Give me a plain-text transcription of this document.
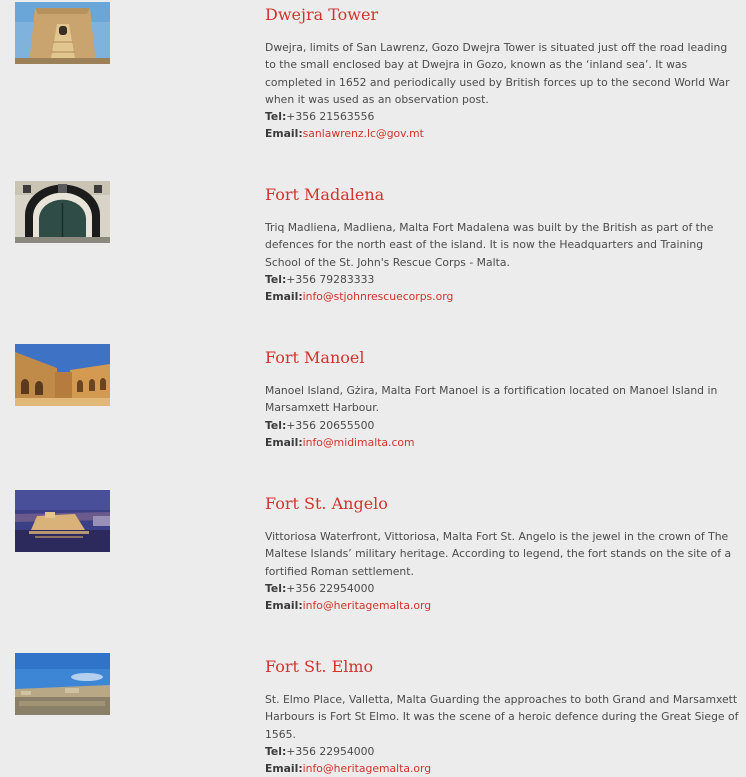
Dwejra Tower

Dwejra, limits of San Lawrenz, Gozo Dwejra Tower is situated just off the road leading to the small enclosed bay at Dwejra in Gozo, known as the ‘inland sea’. It was completed in 1652 and periodically used by British forces up to the second World War when it was used as an observation post.

Tel:+356 21563556
Email:sanlawrenz.lc@gov.mt
Fort Madalena

Triq Madliena, Madliena, Malta Fort Madalena was built by the British as part of the defences for the north east of the island. It is now the Headquarters and Training School of the St. John's Rescue Corps - Malta.

Tel:+356 79283333
Email:info@stjohnrescuecorps.org
Fort Manoel

Manoel Island, Gżira, Malta Fort Manoel is a fortification located on Manoel Island in Marsamxett Harbour.

Tel:+356 20655500
Email:info@midimalta.com
Fort St. Angelo

Vittoriosa Waterfront, Vittoriosa, Malta Fort St. Angelo is the jewel in the crown of The Maltese Islands’ military heritage. According to legend, the fort stands on the site of a fortified Roman settlement.

Tel:+356 22954000
Email:info@heritagemalta.org
Fort St. Elmo

St. Elmo Place, Valletta, Malta Guarding the approaches to both Grand and Marsamxett Harbours is Fort St Elmo. It was the scene of a heroic defence during the Great Siege of 1565.

Tel:+356 22954000
Email:info@heritagemalta.org
